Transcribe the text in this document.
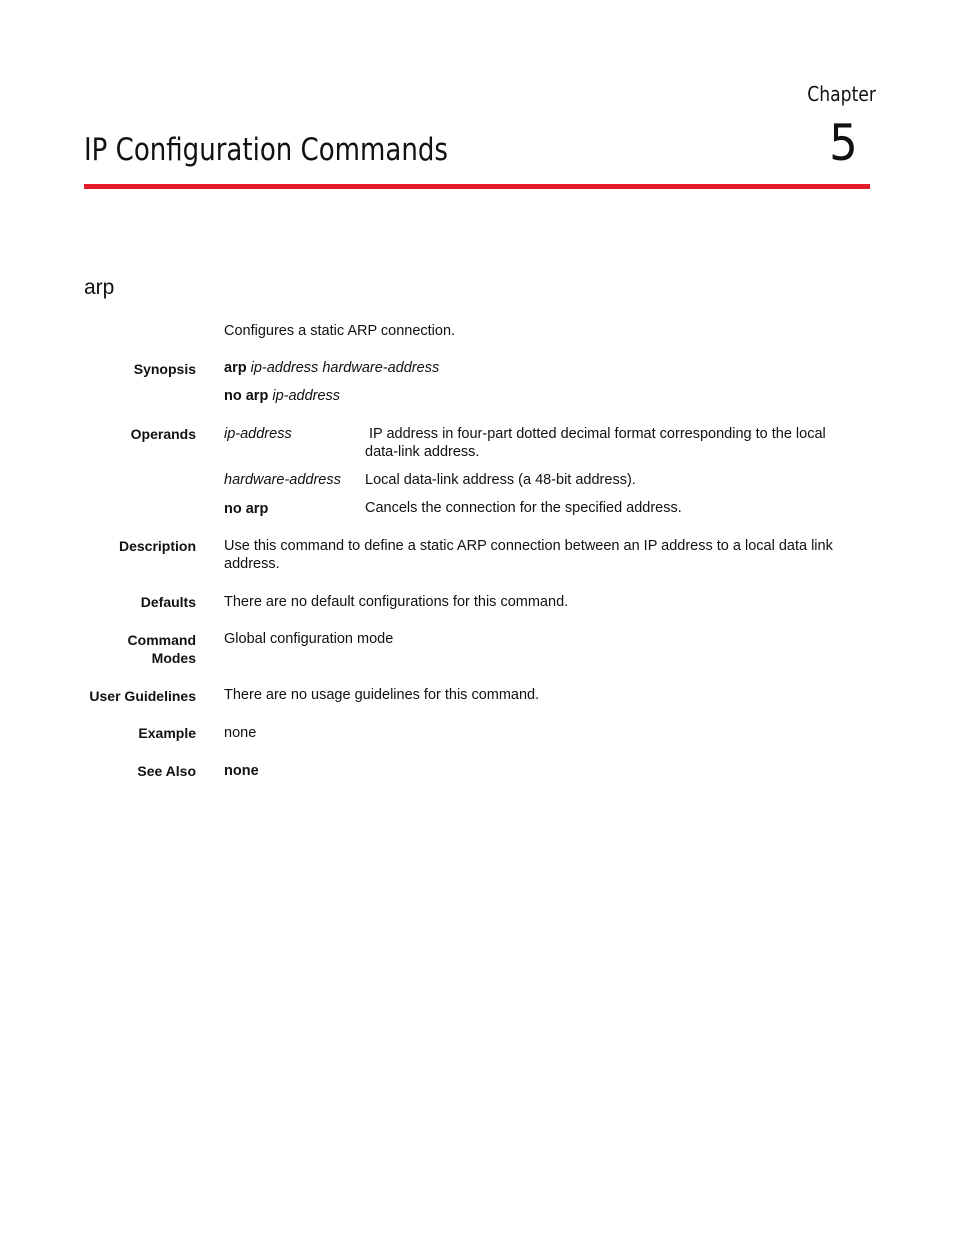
Chapter
5
IP Configuration Commands
arp
Configures a static ARP connection.
Synopsis arp ip-address hardware-address
no arp ip-address
Operands ip-address	IP address in four-part dotted decimal format corresponding to the local data-link address.
hardware-address Local data-link address (a 48-bit address).
no arp	Cancels the connection for the specified address.
Description Use this command to define a static ARP connection between an IP address to a local data link address.
Defaults There are no default configurations for this command.
Command
Modes
Global configuration mode
User Guidelines There are no usage guidelines for this command.
Example none
See Also none
